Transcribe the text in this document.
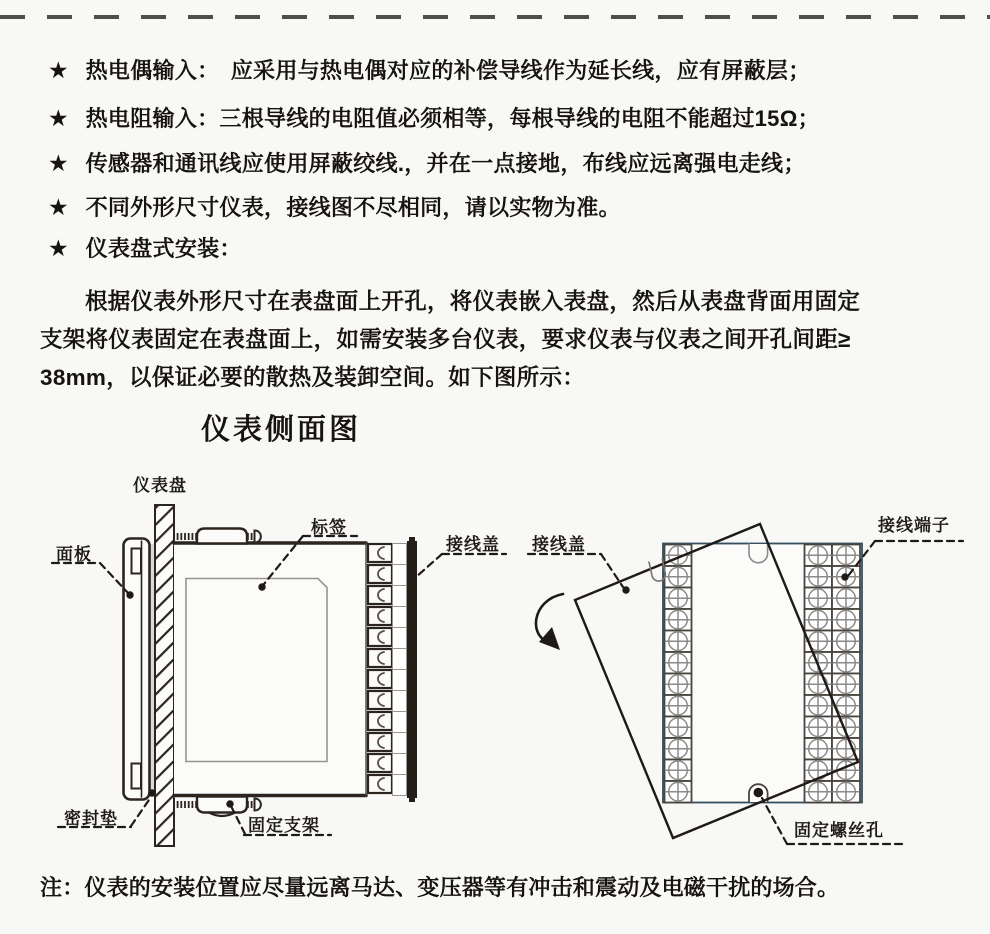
★ 热电偶输入：　应采用与热电偶对应的补偿导线作为延长线，应有屏蔽层；
★ 热电阻输入：三根导线的电阻值必须相等，每根导线的电阻不能超过15Ω；
★ 传感器和通讯线应使用屏蔽绞线.，并在一点接地，布线应远离强电走线；
★ 不同外形尺寸仪表，接线图不尽相同，请以实物为准。
★ 仪表盘式安装：
根据仪表外形尺寸在表盘面上开孔，将仪表嵌入表盘，然后从表盘背面用固定
支架将仪表固定在表盘面上，如需安装多台仪表，要求仪表与仪表之间开孔间距≥
38mm，以保证必要的散热及装卸空间。如下图所示：
仪表侧面图
仪表盘
面板
标签
接线盖
密封垫	固定支架
接线盖
接线端子
固定螺丝孔
注：仪表的安装位置应尽量远离马达、变压器等有冲击和震动及电磁干扰的场合。
